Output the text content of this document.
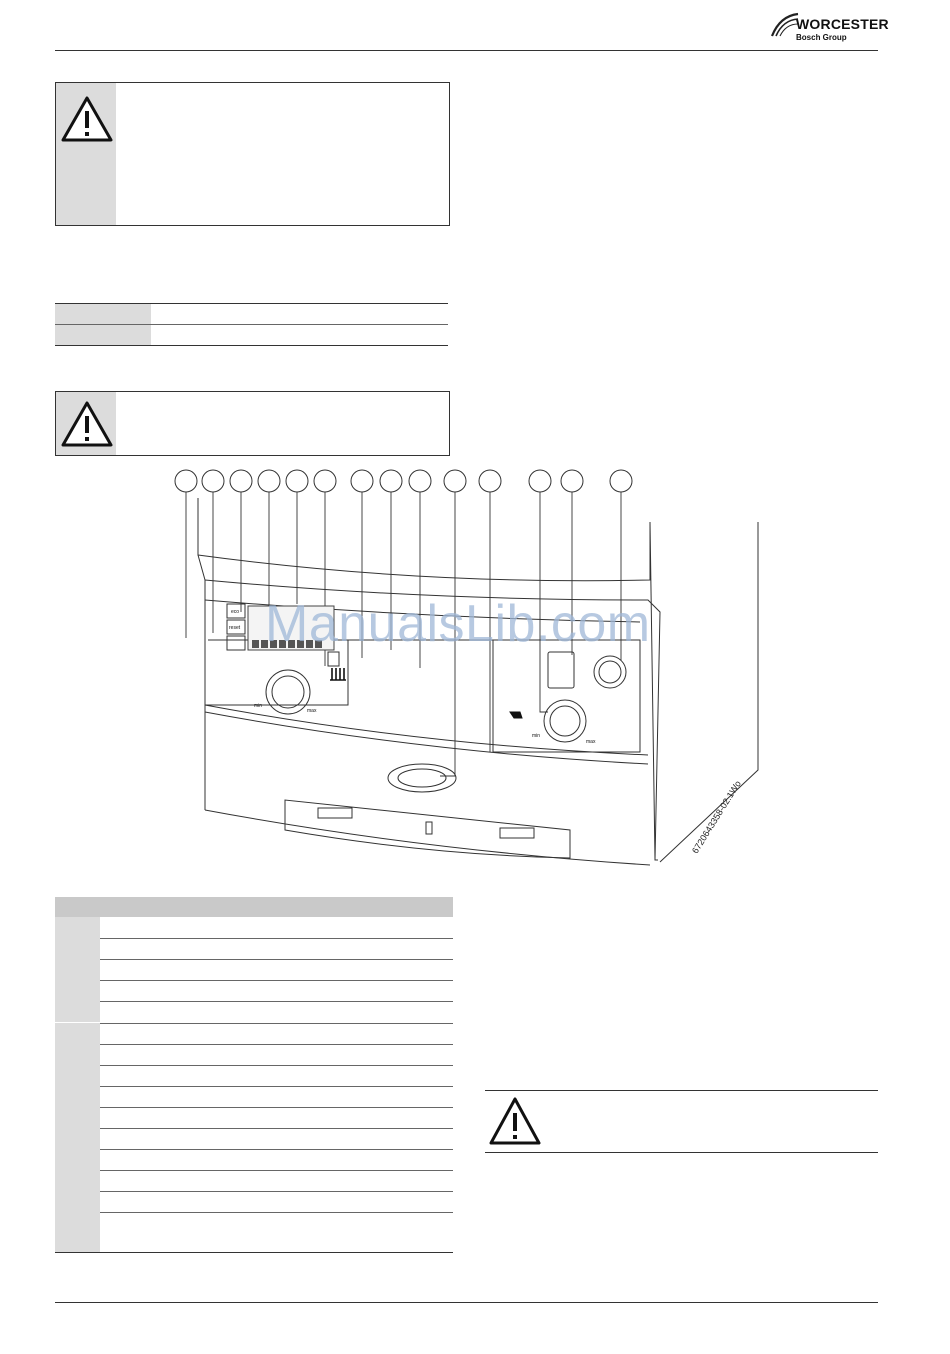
WORCESTER
Bosch Group
eco
reset
min
max
min
max
ManualsLib.com
6720643358-02.1Wo
